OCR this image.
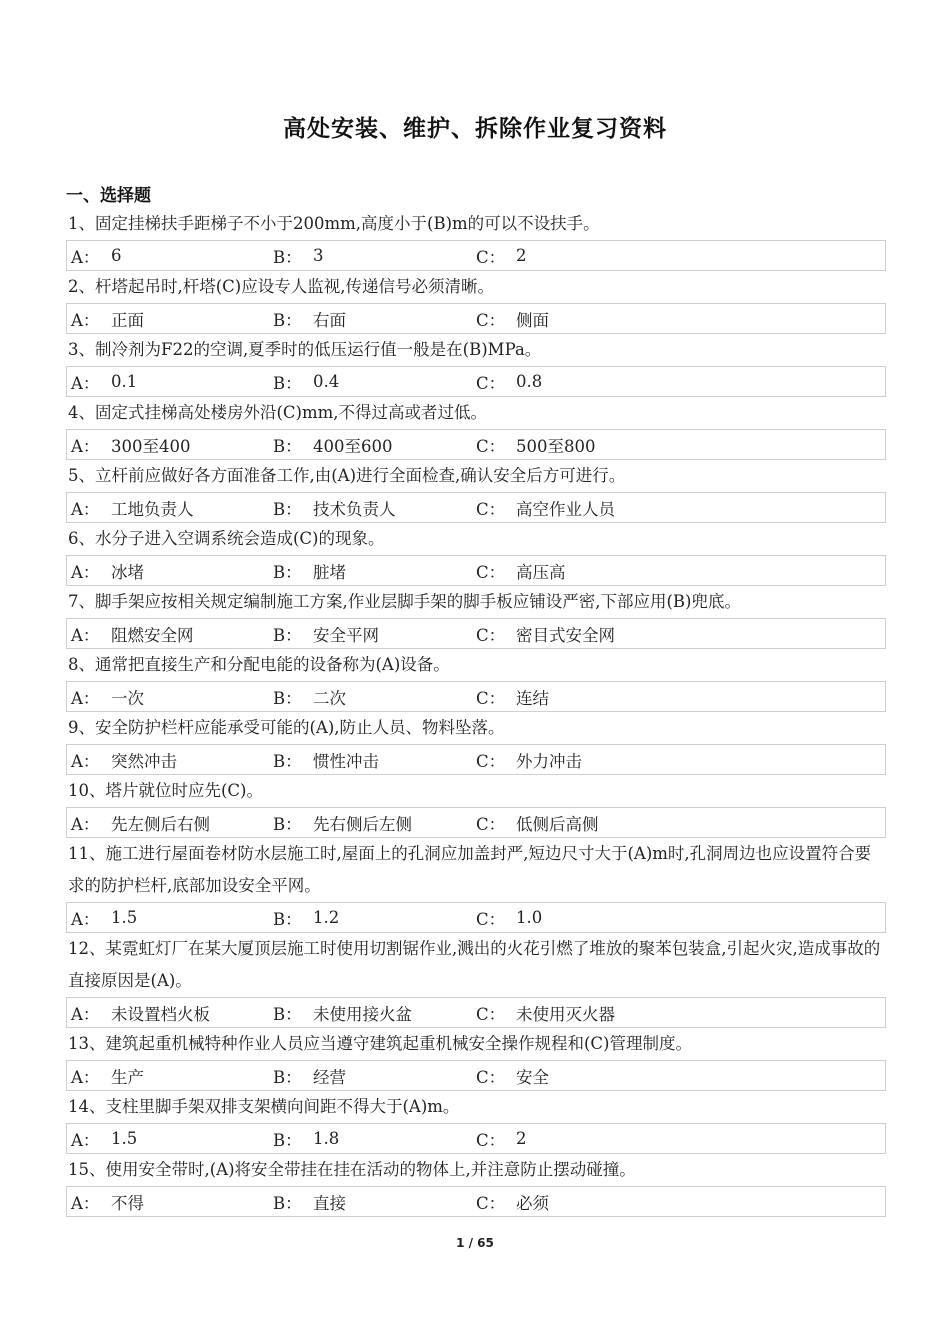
高处安装、维护、拆除作业复习资料
一、选择题
1、固定挂梯扶手距梯子不小于200mm,高度小于(B)m的可以不设扶手。
A： 6	B： 3	C： 2
2、杆塔起吊时,杆塔(C)应设专人监视,传递信号必须清晰。
A： 正面	B： 右面	C： 侧面
3、制冷剂为F22的空调,夏季时的低压运行值一般是在(B)MPa。
A： 0.1	B： 0.4	C： 0.8
4、固定式挂梯高处楼房外沿(C)mm,不得过高或者过低。
A： 300至400	B： 400至600	C： 500至800
5、立杆前应做好各方面准备工作,由(A)进行全面检查,确认安全后方可进行。
A： 工地负责人	B： 技术负责人	C： 高空作业人员
6、水分子进入空调系统会造成(C)的现象。
A： 冰堵	B： 脏堵	C： 高压高
7、脚手架应按相关规定编制施工方案,作业层脚手架的脚手板应铺设严密,下部应用(B)兜底。
A： 阻燃安全网	B： 安全平网	C： 密目式安全网
8、通常把直接生产和分配电能的设备称为(A)设备。
A： 一次	B： 二次	C： 连结
9、安全防护栏杆应能承受可能的(A),防止人员、物料坠落。
A： 突然冲击	B： 惯性冲击	C： 外力冲击
10、塔片就位时应先(C)。
A： 先左侧后右侧	B： 先右侧后左侧	C： 低侧后高侧
11、施工进行屋面卷材防水层施工时,屋面上的孔洞应加盖封严,短边尺寸大于(A)m时,孔洞周边也应设置符合要求的防护栏杆,底部加设安全平网。
A： 1.5	B： 1.2	C： 1.0
12、某霓虹灯厂在某大厦顶层施工时使用切割锯作业,溅出的火花引燃了堆放的聚苯包装盒,引起火灾,造成事故的直接原因是(A)。
A： 未设置档火板	B： 未使用接火盆	C： 未使用灭火器
13、建筑起重机械特种作业人员应当遵守建筑起重机械安全操作规程和(C)管理制度。
A： 生产	B： 经营	C： 安全
14、支柱里脚手架双排支架横向间距不得大于(A)m。
A： 1.5	B： 1.8	C： 2
15、使用安全带时,(A)将安全带挂在挂在活动的物体上,并注意防止摆动碰撞。
A： 不得	B： 直接	C： 必须
1 / 65
